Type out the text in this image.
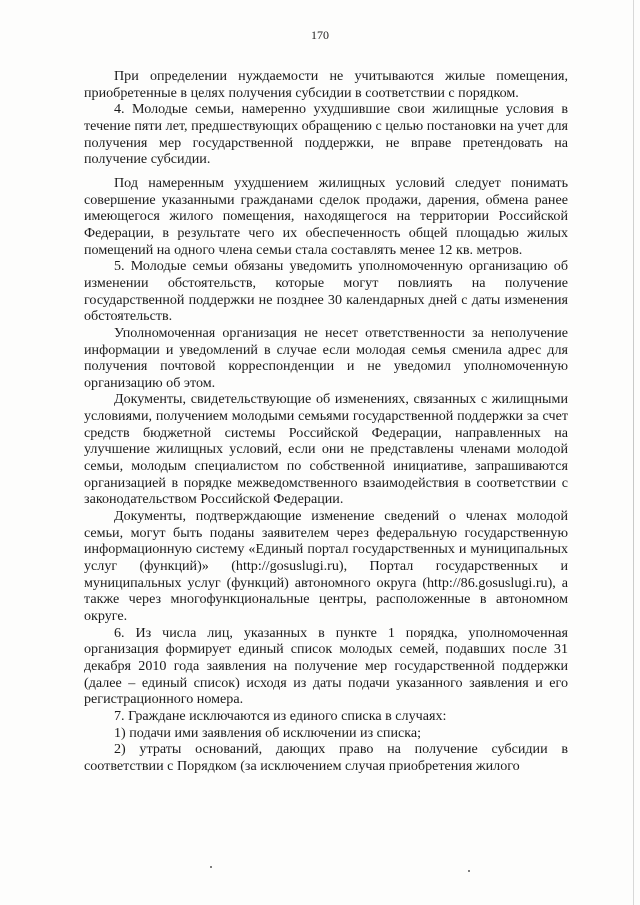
170

При определении нуждаемости не учитываются жилые помещения, приобретенные в целях получения субсидии в соответствии с порядком.

4. Молодые семьи, намеренно ухудшившие свои жилищные условия в течение пяти лет, предшествующих обращению с целью постановки на учет для получения мер государственной поддержки, не вправе претендовать на получение субсидии.

Под намеренным ухудшением жилищных условий следует понимать совершение указанными гражданами сделок продажи, дарения, обмена ранее имеющегося жилого помещения, находящегося на территории Российской Федерации, в результате чего их обеспеченность общей площадью жилых помещений на одного члена семьи стала составлять менее 12 кв. метров.

5. Молодые семьи обязаны уведомить уполномоченную организацию об изменении обстоятельств, которые могут повлиять на получение государственной поддержки не позднее 30 календарных дней с даты изменения обстоятельств.

Уполномоченная организация не несет ответственности за неполучение информации и уведомлений в случае если молодая семья сменила адрес для получения почтовой корреспонденции и не уведомил уполномоченную организацию об этом.

Документы, свидетельствующие об изменениях, связанных с жилищными условиями, получением молодыми семьями государственной поддержки за счет средств бюджетной системы Российской Федерации, направленных на улучшение жилищных условий, если они не представлены членами молодой семьи, молодым специалистом по собственной инициативе, запрашиваются организацией в порядке межведомственного взаимодействия в соответствии с законодательством Российской Федерации.

Документы, подтверждающие изменение сведений о членах молодой семьи, могут быть поданы заявителем через федеральную государственную информационную систему «Единый портал государственных и муниципальных услуг (функций)» (http://gosuslugi.ru), Портал государственных и муниципальных услуг (функций) автономного округа (http://86.gosuslugi.ru), а также через многофункциональные центры, расположенные в автономном округе.

6. Из числа лиц, указанных в пункте 1 порядка, уполномоченная организация формирует единый список молодых семей, подавших после 31 декабря 2010 года заявления на получение мер государственной поддержки (далее – единый список) исходя из даты подачи указанного заявления и его регистрационного номера.

7. Граждане исключаются из единого списка в случаях:

1) подачи ими заявления об исключении из списка;

2) утраты оснований, дающих право на получение субсидии в соответствии с Порядком (за исключением случая приобретения жилого
